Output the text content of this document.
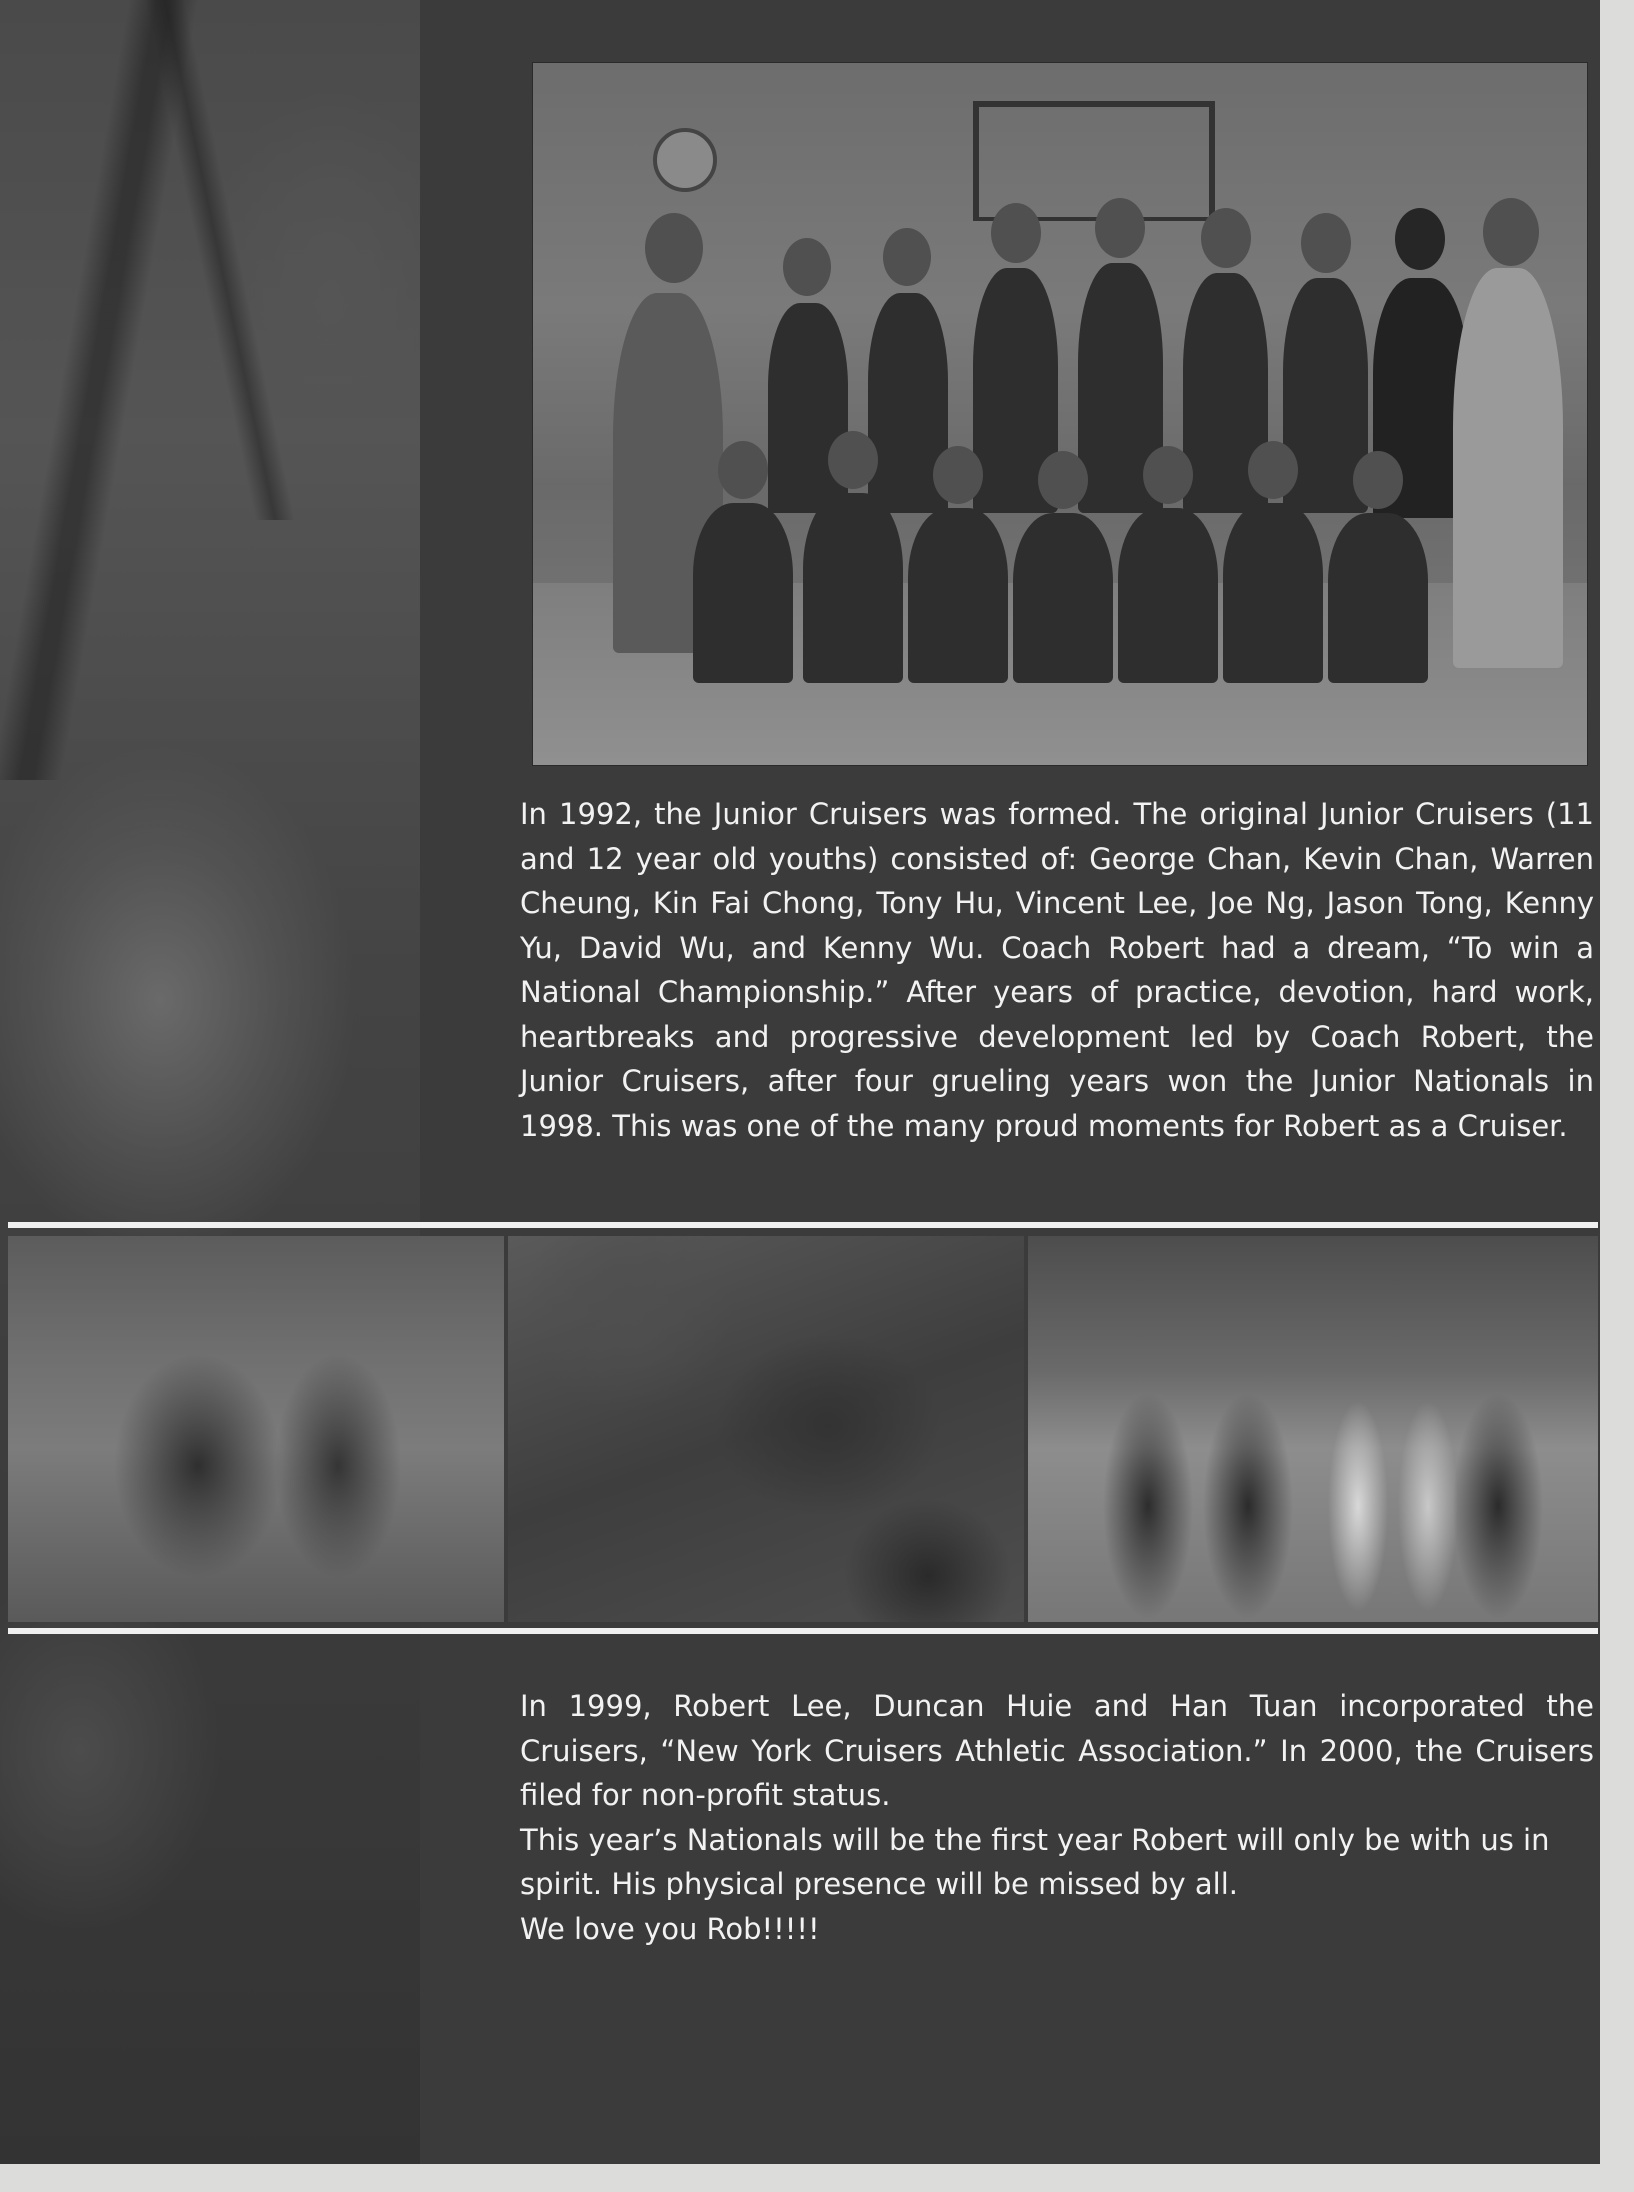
In 1992, the Junior Cruisers was formed. The original Junior Cruisers (11 and 12 year old youths) consisted of: George Chan, Kevin Chan, Warren Cheung, Kin Fai Chong, Tony Hu, Vincent Lee, Joe Ng, Jason Tong, Kenny Yu, David Wu, and Kenny Wu. Coach Robert had a dream, “To win a National Championship.” After years of practice, devotion, hard work, heartbreaks and progressive development led by Coach Robert, the Junior Cruisers, after four grueling years won the Junior Nationals in 1998. This was one of the many proud moments for Robert as a Cruiser.

In 1999, Robert Lee, Duncan Huie and Han Tuan incorporated the Cruisers, “New York Cruisers Athletic Association.” In 2000, the Cruisers filed for non-profit status.

This year’s Nationals will be the first year Robert will only be with us in spirit. His physical presence will be missed by all.

We love you Rob!!!!!
